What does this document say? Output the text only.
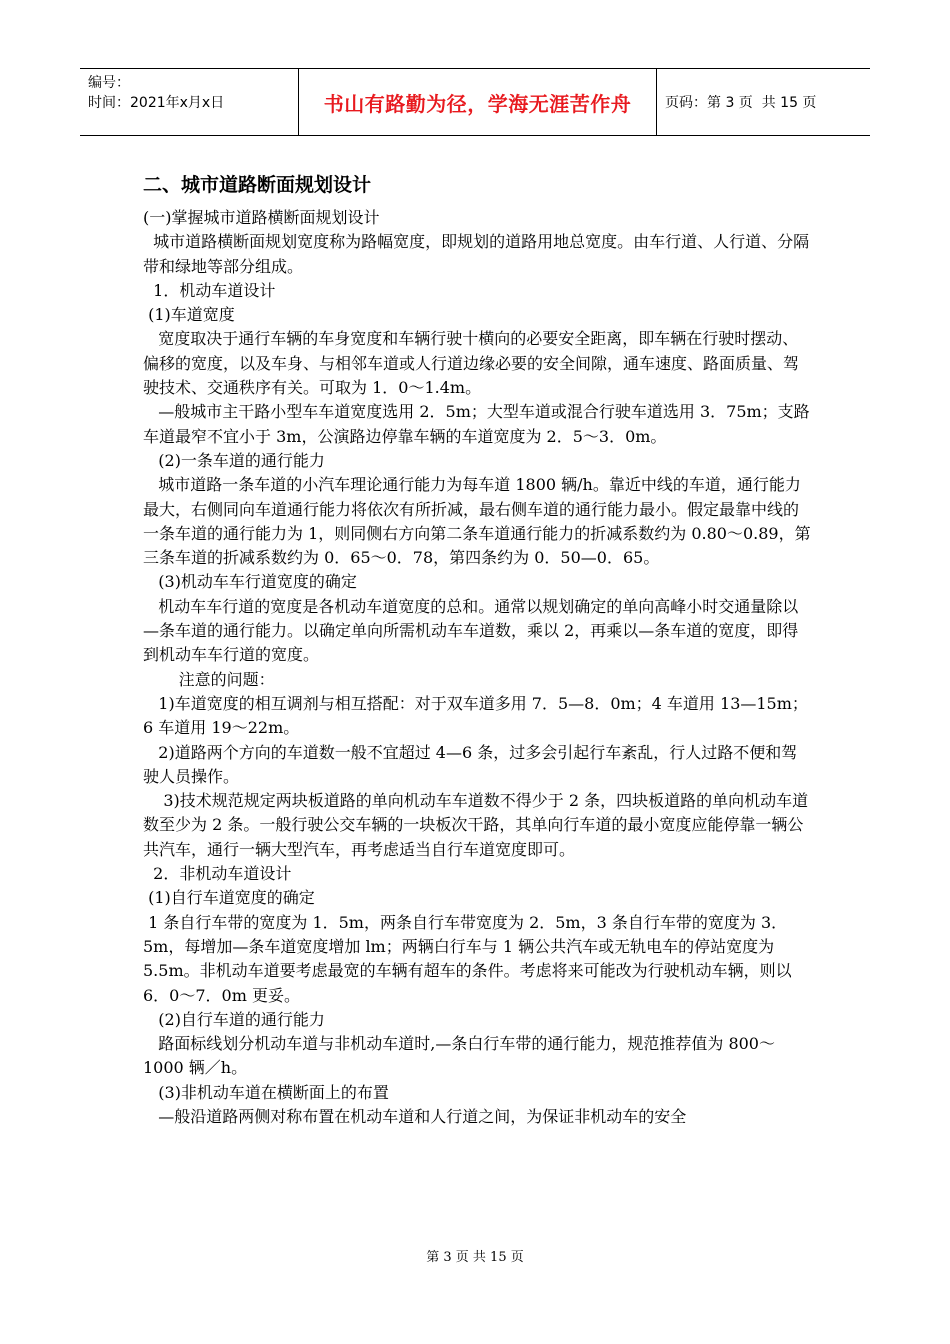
编号：
时间：2021年x月x日	书山有路勤为径，学海无涯苦作舟	页码：第 3 页  共 15 页
二、城市道路断面规划设计

(一)掌握城市道路横断面规划设计

城市道路横断面规划宽度称为路幅宽度，即规划的道路用地总宽度。由车行道、人行道、分隔带和绿地等部分组成。

1．机动车道设计

(1)车道宽度

宽度取决于通行车辆的车身宽度和车辆行驶十横向的必要安全距离，即车辆在行驶时摆动、偏移的宽度，以及车身、与相邻车道或人行道边缘必要的安全间隙，通车速度、路面质量、驾驶技术、交通秩序有关。可取为 1．0～1.4m。

—般城市主干路小型车车道宽度选用 2．5m；大型车道或混合行驶车道选用 3．75m；支路车道最窄不宜小于 3m，公演路边停靠车辆的车道宽度为 2．5～3．0m。

(2)一条车道的通行能力

城市道路一条车道的小汽车理论通行能力为每车道 1800 辆/h。靠近中线的车道，通行能力最大，右侧同向车道通行能力将依次有所折减，最右侧车道的通行能力最小。假定最靠中线的一条车道的通行能力为 1，则同侧右方向第二条车道通行能力的折减系数约为 0.80～0.89，第三条车道的折减系数约为 0．65～0．78，第四条约为 0．50—0．65。

(3)机动车车行道宽度的确定

机动车车行道的宽度是各机动车道宽度的总和。通常以规划确定的单向高峰小时交通量除以—条车道的通行能力。以确定单向所需机动车车道数，乘以 2，再乘以—条车道的宽度，即得到机动车车行道的宽度。

注意的问题：

1)车道宽度的相互调剂与相互搭配：对于双车道多用 7．5—8．0m；4 车道用 13—15m；6 车道用 19～22m。

2)道路两个方向的车道数一般不宜超过 4—6 条，过多会引起行车紊乱，行人过路不便和驾驶人员操作。

3)技术规范规定两块板道路的单向机动车车道数不得少于 2 条，四块板道路的单向机动车道数至少为 2 条。一般行驶公交车辆的一块板次干路，其单向行车道的最小宽度应能停靠一辆公共汽车，通行一辆大型汽车，再考虑适当自行车道宽度即可。

2．非机动车道设计

(1)自行车道宽度的确定

1 条自行车带的宽度为 1．5m，两条自行车带宽度为 2．5m，3 条自行车带的宽度为 3．5m，每增加—条车道宽度增加 lm；两辆白行车与 1 辆公共汽车或无轨电车的停站宽度为 5.5m。非机动车道要考虑最宽的车辆有超车的条件。考虑将来可能改为行驶机动车辆，则以 6．0～7．0m 更妥。

(2)自行车道的通行能力

路面标线划分机动车道与非机动车道时,—条白行车带的通行能力，规范推荐值为 800～1000 辆／h。

(3)非机动车道在横断面上的布置

—般沿道路两侧对称布置在机动车道和人行道之间，为保证非机动车的安全

第 3 页 共 15 页
